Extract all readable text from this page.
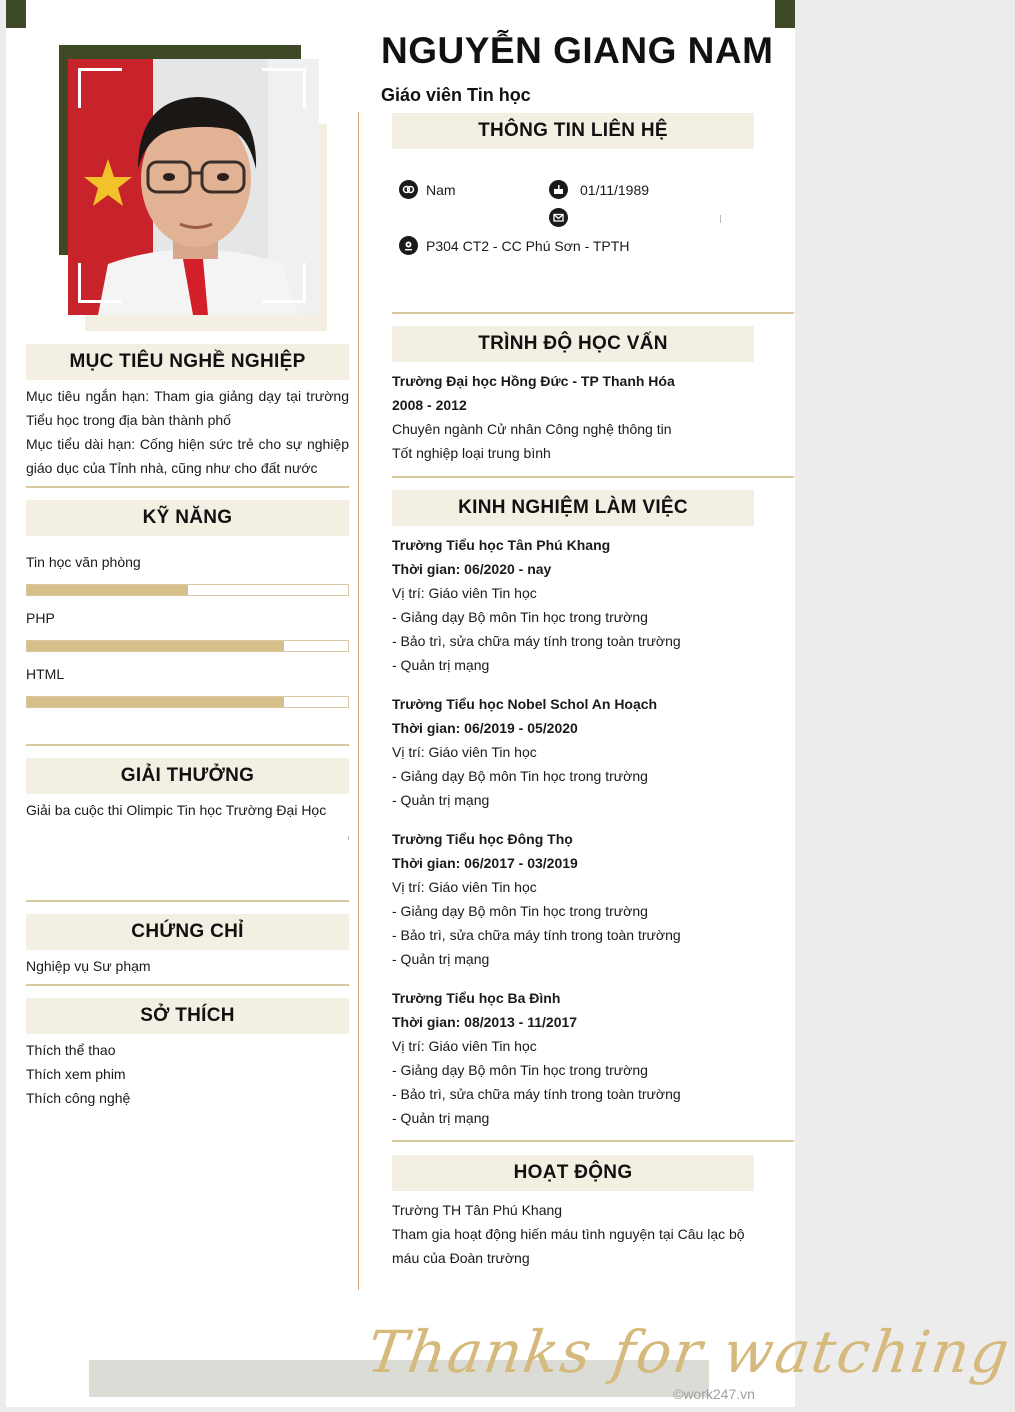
NGUYỄN GIANG NAM
Giáo viên Tin học
THÔNG TIN LIÊN HỆ
Nam	01/11/1989
P304 CT2 - CC Phú Sơn - TPTH
MỤC TIÊU NGHỀ NGHIỆP
Mục tiêu ngắn hạn: Tham gia giảng dạy tại trường Tiểu học trong địa bàn thành phố
Mục tiểu dài hạn: Cống hiện sức trẻ cho sự nghiệp giáo dục của Tỉnh nhà, cũng như cho đất nước
KỸ NĂNG
Tin học văn phòng
PHP
HTML
GIẢI THƯỞNG
Giải ba cuộc thi Olimpic Tin học Trường Đại Học
CHỨNG CHỈ
Nghiệp vụ Sư phạm
SỞ THÍCH
Thích thể thao
Thích xem phim
Thích công nghệ
TRÌNH ĐỘ HỌC VẤN
Trường Đại học Hồng Đức - TP Thanh Hóa
2008 - 2012
Chuyên ngành Cử nhân Công nghệ thông tin
Tốt nghiệp loại trung bình
KINH NGHIỆM LÀM VIỆC
Trường Tiểu học Tân Phú Khang
Thời gian: 06/2020 - nay
Vị trí: Giáo viên Tin học
- Giảng dạy Bộ môn Tin học trong trường
- Bảo trì, sửa chữa máy tính trong toàn trường
- Quản trị mạng
Trường Tiểu học Nobel Schol An Hoạch
Thời gian: 06/2019 - 05/2020
Vị trí: Giáo viên Tin học
- Giảng dạy Bộ môn Tin học trong trường
- Quản trị mạng
Trường Tiểu học Đông Thọ
Thời gian: 06/2017 - 03/2019
Vị trí: Giáo viên Tin học
- Giảng dạy Bộ môn Tin học trong trường
- Bảo trì, sửa chữa máy tính trong toàn trường
- Quản trị mạng
Trường Tiểu học Ba Đình
Thời gian: 08/2013 - 11/2017
Vị trí: Giáo viên Tin học
- Giảng dạy Bộ môn Tin học trong trường
- Bảo trì, sửa chữa máy tính trong toàn trường
- Quản trị mạng
HOẠT ĐỘNG
Trường TH Tân Phú Khang
Tham gia hoạt động hiến máu tình nguyện tại Câu lạc bộ
máu của Đoàn trường
Thanks for watching
©work247.vn
